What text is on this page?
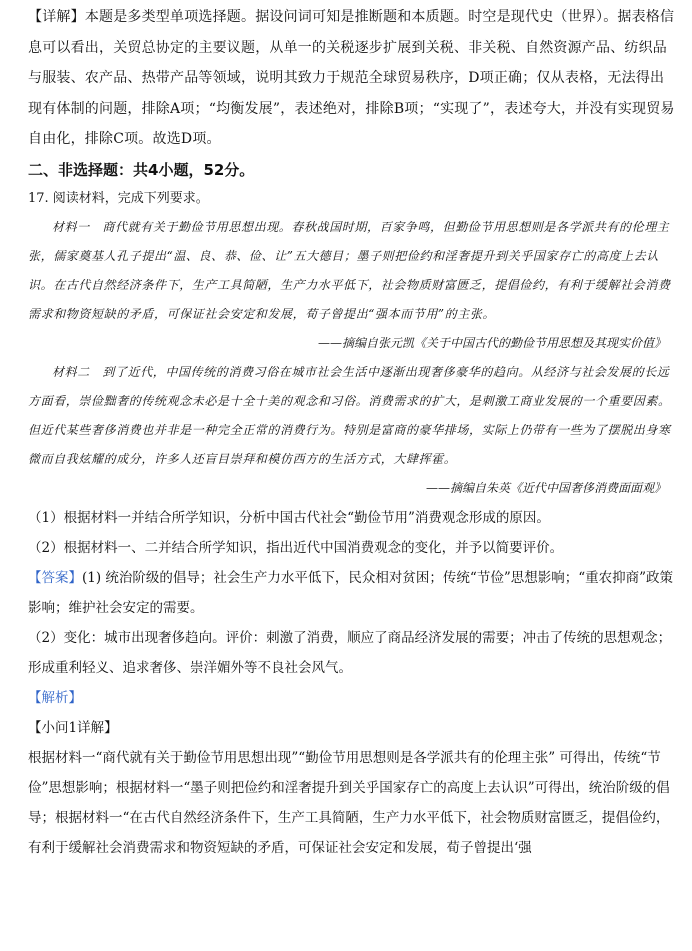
【详解】本题是多类型单项选择题。据设问词可知是推断题和本质题。时空是现代史（世界）。据表格信息可以看出，关贸总协定的主要议题，从单一的关税逐步扩展到关税、非关税、自然资源产品、纺织品与服装、农产品、热带产品等领域，说明其致力于规范全球贸易秩序，D项正确；仅从表格，无法得出现有体制的问题，排除A项；“均衡发展”，表述绝对，排除B项；“实现了”，表述夸大，并没有实现贸易自由化，排除C项。故选D项。

二、非选择题：共4小题，52分。

17. 阅读材料，完成下列要求。

材料一　商代就有关于勤俭节用思想出现。春秋战国时期，百家争鸣，但勤俭节用思想则是各学派共有的伦理主张，儒家奠基人孔子提出“温、良、恭、俭、让”五大德目；墨子则把俭约和淫奢提升到关乎国家存亡的高度上去认识。在古代自然经济条件下，生产工具简陋，生产力水平低下，社会物质财富匮乏，提倡俭约，有利于缓解社会消费需求和物资短缺的矛盾，可保证社会安定和发展，荀子曾提出“强本而节用”的主张。

——摘编自张元凯《关于中国古代的勤俭节用思想及其现实价值》

材料二　到了近代，中国传统的消费习俗在城市社会生活中逐渐出现奢侈豪华的趋向。从经济与社会发展的长远方面看，崇俭黜奢的传统观念未必是十全十美的观念和习俗。消费需求的扩大，是刺激工商业发展的一个重要因素。但近代某些奢侈消费也并非是一种完全正常的消费行为。特别是富商的豪华排场，实际上仍带有一些为了摆脱出身寒微而自我炫耀的成分，许多人还盲目崇拜和模仿西方的生活方式，大肆挥霍。

——摘编自朱英《近代中国奢侈消费面面观》

（1）根据材料一并结合所学知识，分析中国古代社会“勤俭节用”消费观念形成的原因。

（2）根据材料一、二并结合所学知识，指出近代中国消费观念的变化，并予以简要评价。

【答案】(1) 统治阶级的倡导；社会生产力水平低下，民众相对贫困；传统“节俭”思想影响；“重农抑商”政策影响；维护社会安定的需要。

（2）变化：城市出现奢侈趋向。评价：刺激了消费，顺应了商品经济发展的需要；冲击了传统的思想观念；形成重利轻义、追求奢侈、崇洋媚外等不良社会风气。

【解析】

【小问1详解】

根据材料一“商代就有关于勤俭节用思想出现”“勤俭节用思想则是各学派共有的伦理主张” 可得出，传统“节俭”思想影响；根据材料一“墨子则把俭约和淫奢提升到关乎国家存亡的高度上去认识”可得出，统治阶级的倡导；根据材料一“在古代自然经济条件下，生产工具简陋，生产力水平低下，社会物质财富匮乏，提倡俭约，有利于缓解社会消费需求和物资短缺的矛盾，可保证社会安定和发展，荀子曾提出‘强
